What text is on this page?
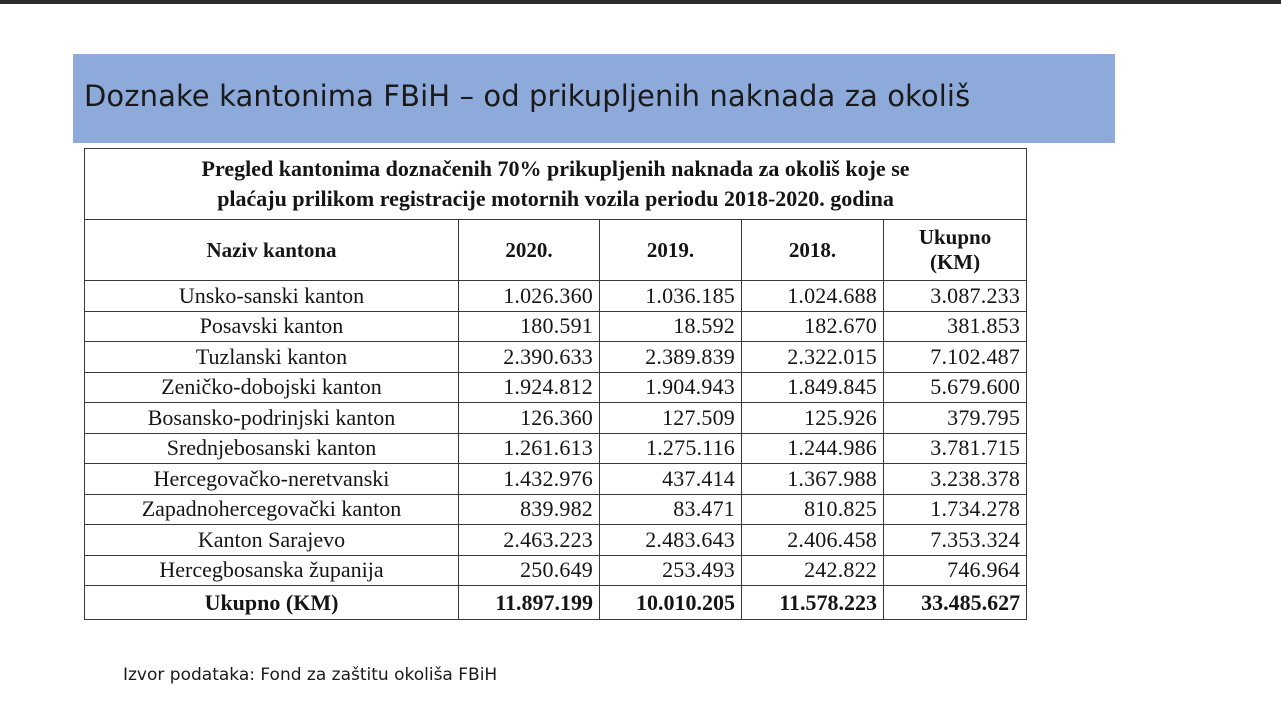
Doznake kantonima FBiH – od prikupljenih naknada za okoliš
Pregled kantonima doznačenih 70% prikupljenih naknada za okoliš koje se
plaćaju prilikom registracije motornih vozila periodu 2018-2020. godina				

Naziv kantona	2020.	2019.	2018.	Ukupno
(KM)

Unsko-sanski kanton	1.026.360	1.036.185	1.024.688	3.087.233
Posavski kanton	180.591	18.592	182.670	381.853
Tuzlanski kanton	2.390.633	2.389.839	2.322.015	7.102.487
Zeničko-dobojski kanton	1.924.812	1.904.943	1.849.845	5.679.600
Bosansko-podrinjski kanton	126.360	127.509	125.926	379.795
Srednjebosanski kanton	1.261.613	1.275.116	1.244.986	3.781.715
Hercegovačko-neretvanski	1.432.976	437.414	1.367.988	3.238.378
Zapadnohercegovački kanton	839.982	83.471	810.825	1.734.278
Kanton Sarajevo	2.463.223	2.483.643	2.406.458	7.353.324
Hercegbosanska županija	250.649	253.493	242.822	746.964
Ukupno (KM)	11.897.199	10.010.205	11.578.223	33.485.627
Izvor podataka: Fond za zaštitu okoliša FBiH
